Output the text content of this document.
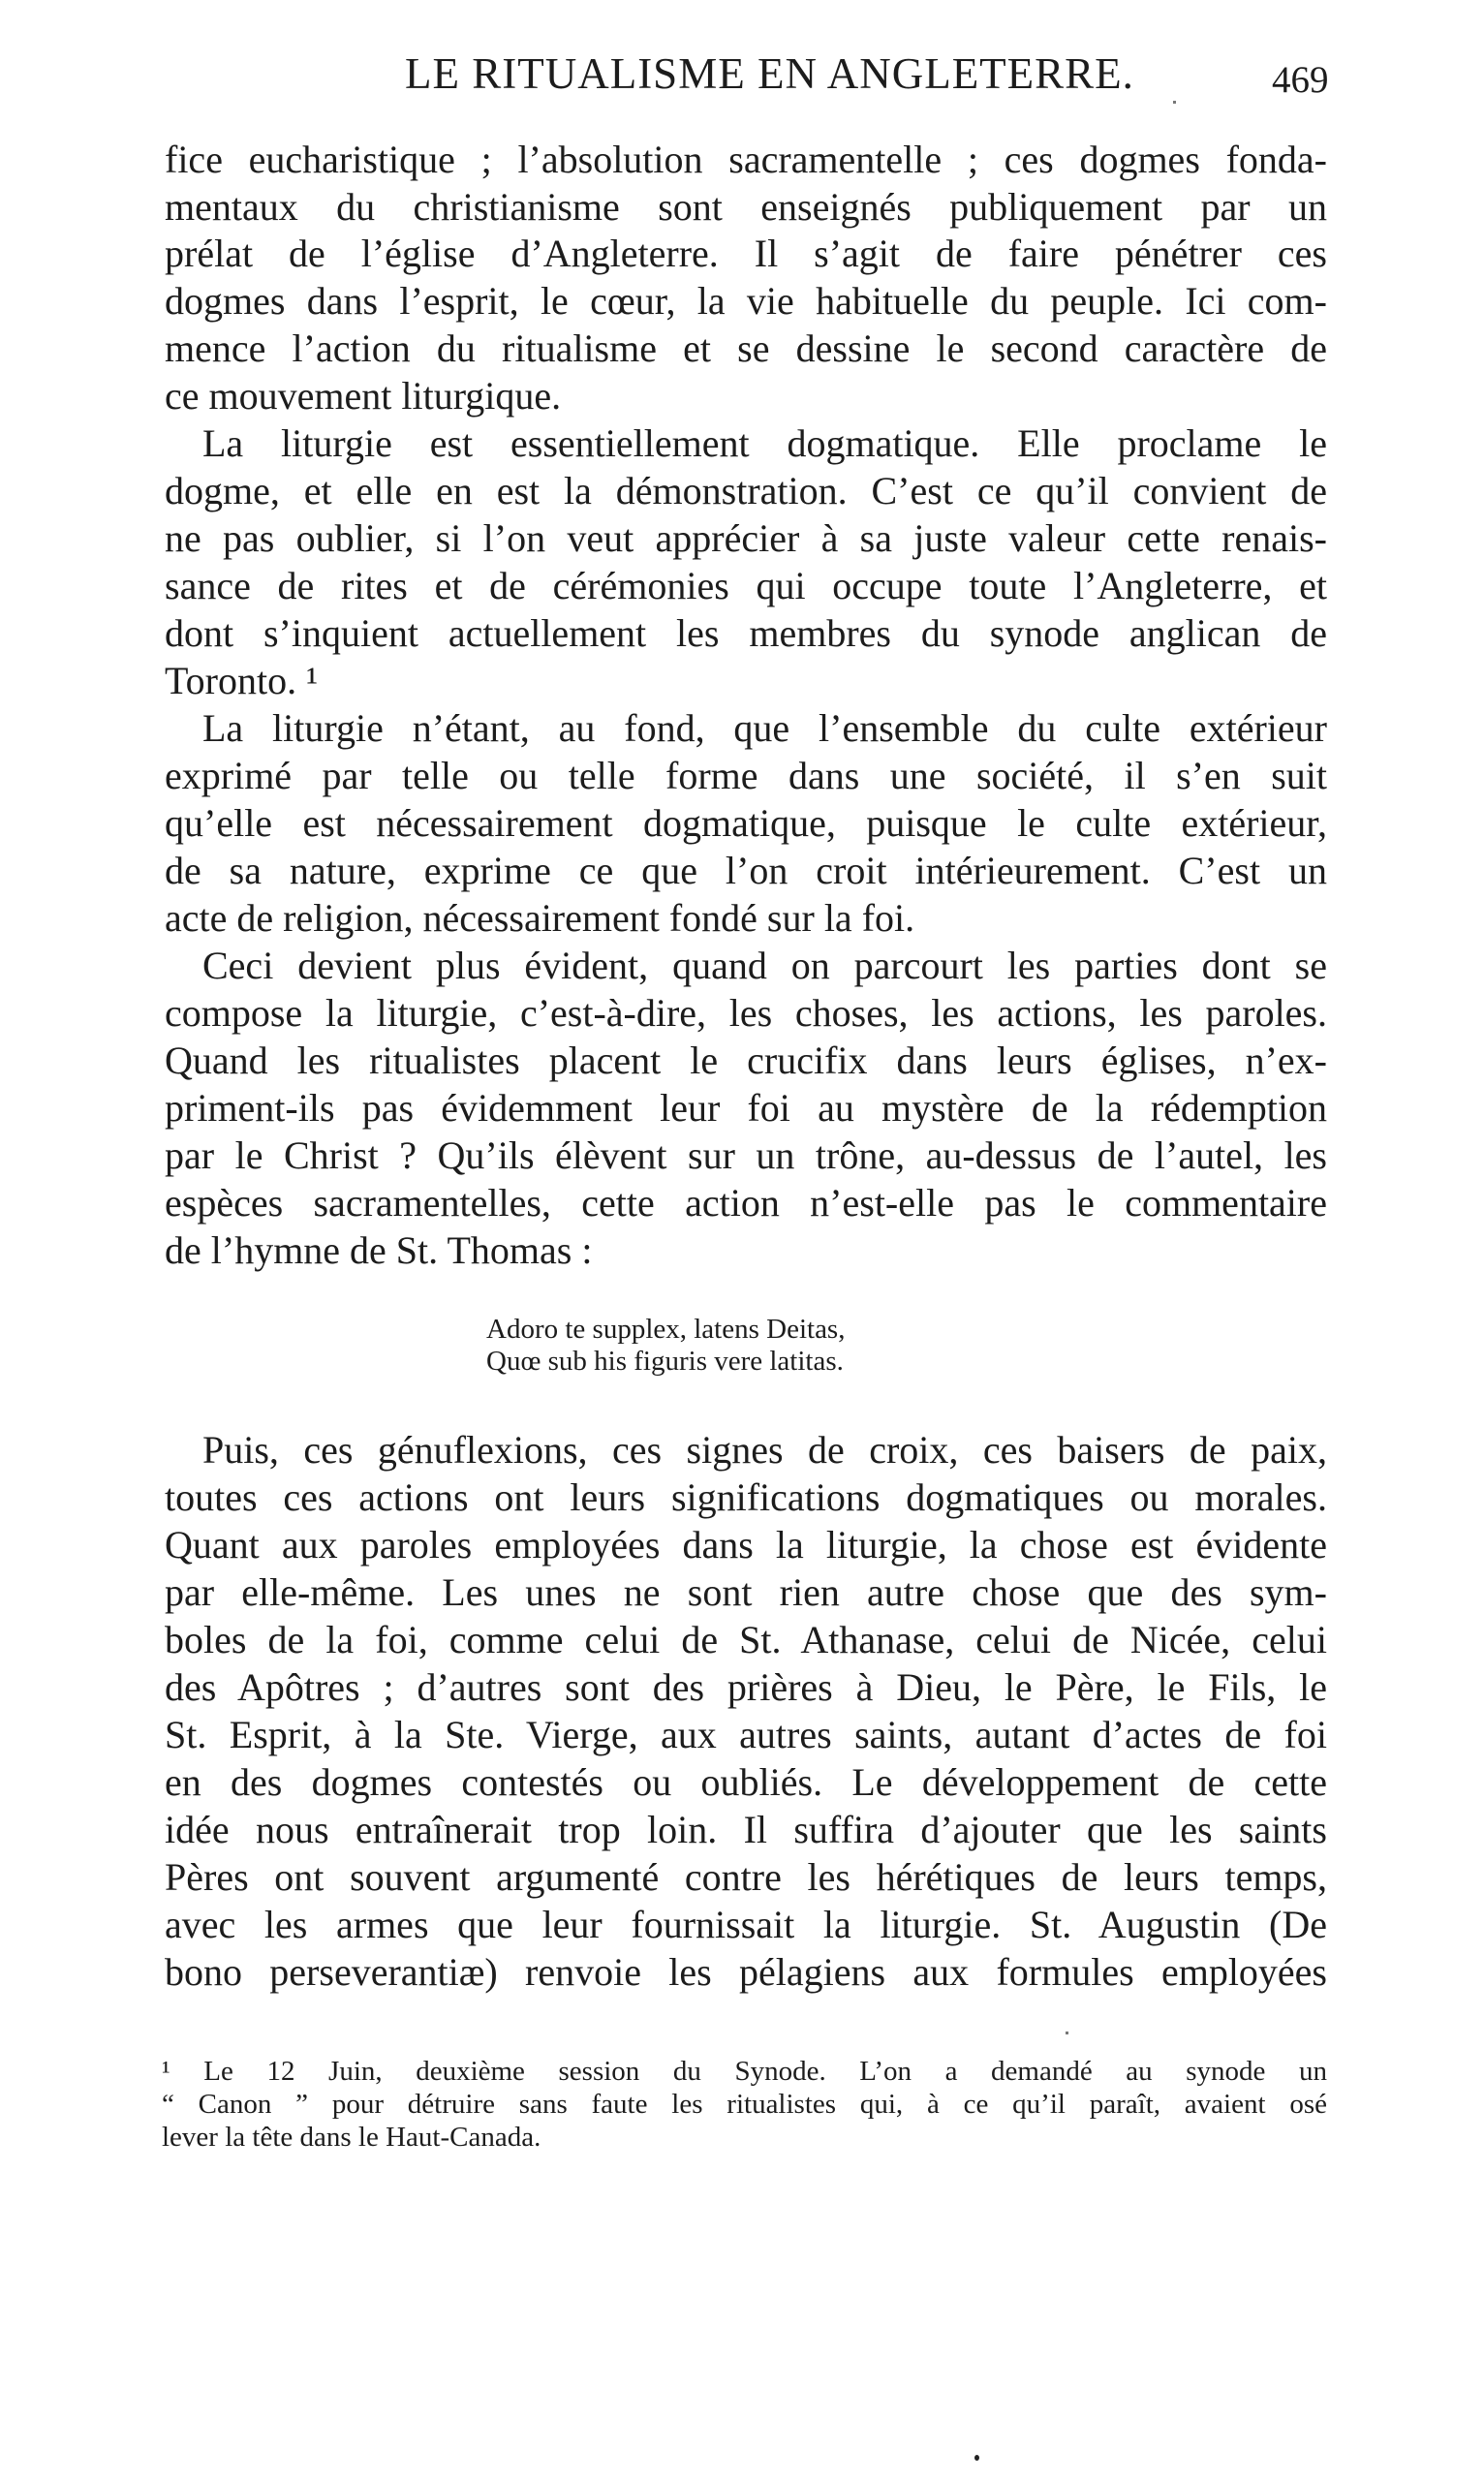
LE RITUALISME EN ANGLETERRE.	469
fice eucharistique ; l’absolution sacramentelle ; ces dogmes fonda-
mentaux du christianisme sont enseignés publiquement par un
prélat de l’église d’Angleterre. Il s’agit de faire pénétrer ces
dogmes dans l’esprit, le cœur, la vie habituelle du peuple. Ici com-
mence l’action du ritualisme et se dessine le second caractère de
ce mouvement liturgique.
La liturgie est essentiellement dogmatique. Elle proclame le
dogme, et elle en est la démonstration. C’est ce qu’il convient de
ne pas oublier, si l’on veut apprécier à sa juste valeur cette renais-
sance de rites et de cérémonies qui occupe toute l’Angleterre, et
dont s’inquient actuellement les membres du synode anglican de
Toronto. ¹
La liturgie n’étant, au fond, que l’ensemble du culte extérieur
exprimé par telle ou telle forme dans une société, il s’en suit
qu’elle est nécessairement dogmatique, puisque le culte extérieur,
de sa nature, exprime ce que l’on croit intérieurement. C’est un
acte de religion, nécessairement fondé sur la foi.
Ceci devient plus évident, quand on parcourt les parties dont se
compose la liturgie, c’est-à-dire, les choses, les actions, les paroles.
Quand les ritualistes placent le crucifix dans leurs églises, n’ex-
priment-ils pas évidemment leur foi au mystère de la rédemption
par le Christ ? Qu’ils élèvent sur un trône, au-dessus de l’autel, les
espèces sacramentelles, cette action n’est-elle pas le commentaire
de l’hymne de St. Thomas :
Adoro te supplex, latens Deitas,
Quœ sub his figuris vere latitas.
Puis, ces génuflexions, ces signes de croix, ces baisers de paix,
toutes ces actions ont leurs significations dogmatiques ou morales.
Quant aux paroles employées dans la liturgie, la chose est évidente
par elle-même. Les unes ne sont rien autre chose que des sym-
boles de la foi, comme celui de St. Athanase, celui de Nicée, celui
des Apôtres ; d’autres sont des prières à Dieu, le Père, le Fils, le
St. Esprit, à la Ste. Vierge, aux autres saints, autant d’actes de foi
en des dogmes contestés ou oubliés. Le développement de cette
idée nous entraînerait trop loin. Il suffira d’ajouter que les saints
Pères ont souvent argumenté contre les hérétiques de leurs temps,
avec les armes que leur fournissait la liturgie. St. Augustin (De
bono perseverantiæ) renvoie les pélagiens aux formules employées
¹ Le 12 Juin, deuxième session du Synode. L’on a demandé au synode un
“ Canon ” pour détruire sans faute les ritualistes qui, à ce qu’il paraît, avaient osé
lever la tête dans le Haut-Canada.
